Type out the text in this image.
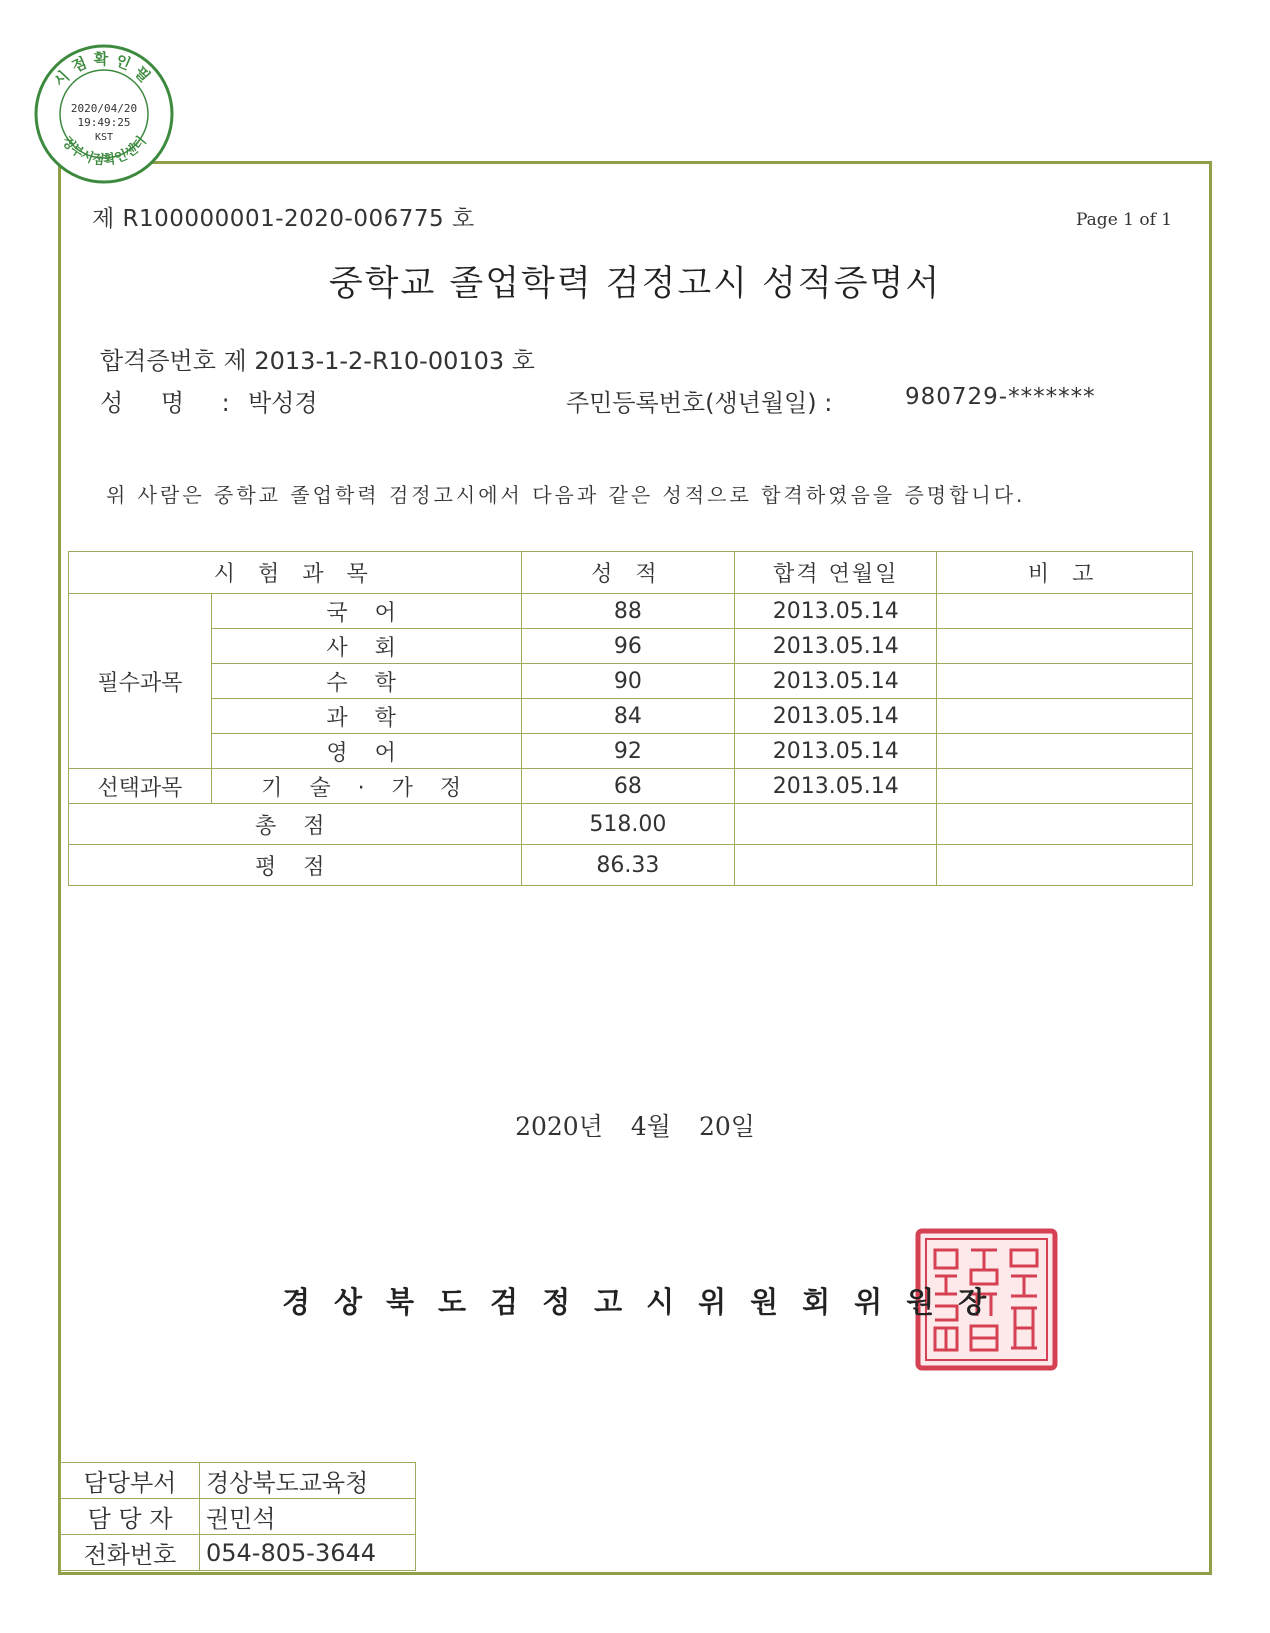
시점확인필
정부시점확인센터
2020/04/20
19:49:25
KST
제 R100000001-2020-006775 호	Page 1 of 1
중학교 졸업학력 검정고시 성적증명서
합격증번호 제 2013-1-2-R10-00103 호
성 명 : 박성경	주민등록번호(생년월일) :	980729-*******
위 사람은 중학교 졸업학력 검정고시에서 다음과 같은 성적으로 합격하였음을 증명합니다.
시 험 과 목		성 적	합격 연월일	비 고
필수과목	국 어	88	2013.05.14	
	사 회	96	2013.05.14	
	수 학	90	2013.05.14	
	과 학	84	2013.05.14	
	영 어	92	2013.05.14	
선택과목	기 술 · 가 정	68	2013.05.14	
총 점		518.00		
평 점		86.33		
2020년 4월 20일
경상북도검정고시위원회위원장
담당부서	경상북도교육청
담 당 자	권민석
전화번호	054-805-3644
